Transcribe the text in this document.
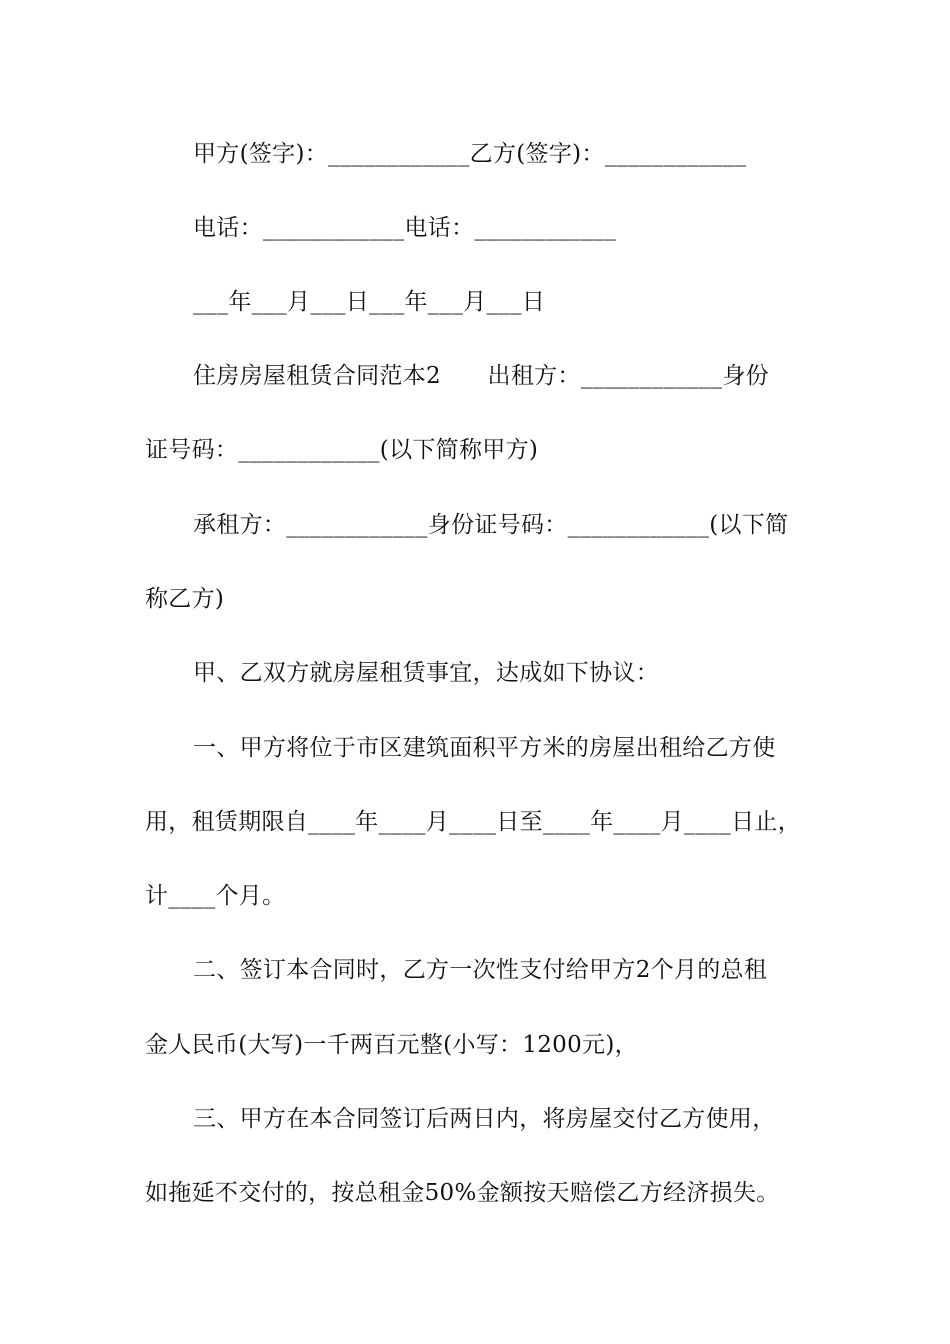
甲方(签字)：____________乙方(签字)：____________

电话：____________电话：____________

___年___月___日___年___月___日

住房房屋租赁合同范本2　　出租方：____________身份

证号码：____________(以下简称甲方)

承租方：____________身份证号码：____________(以下简

称乙方)

甲、乙双方就房屋租赁事宜，达成如下协议：

一、甲方将位于市区建筑面积平方米的房屋出租给乙方使

用，租赁期限自____年____月____日至____年____月____日止，

计____个月。

二、签订本合同时，乙方一次性支付给甲方2个月的总租

金人民币(大写)一千两百元整(小写：1200元)，

三、甲方在本合同签订后两日内，将房屋交付乙方使用，

如拖延不交付的，按总租金50%金额按天赔偿乙方经济损失。
